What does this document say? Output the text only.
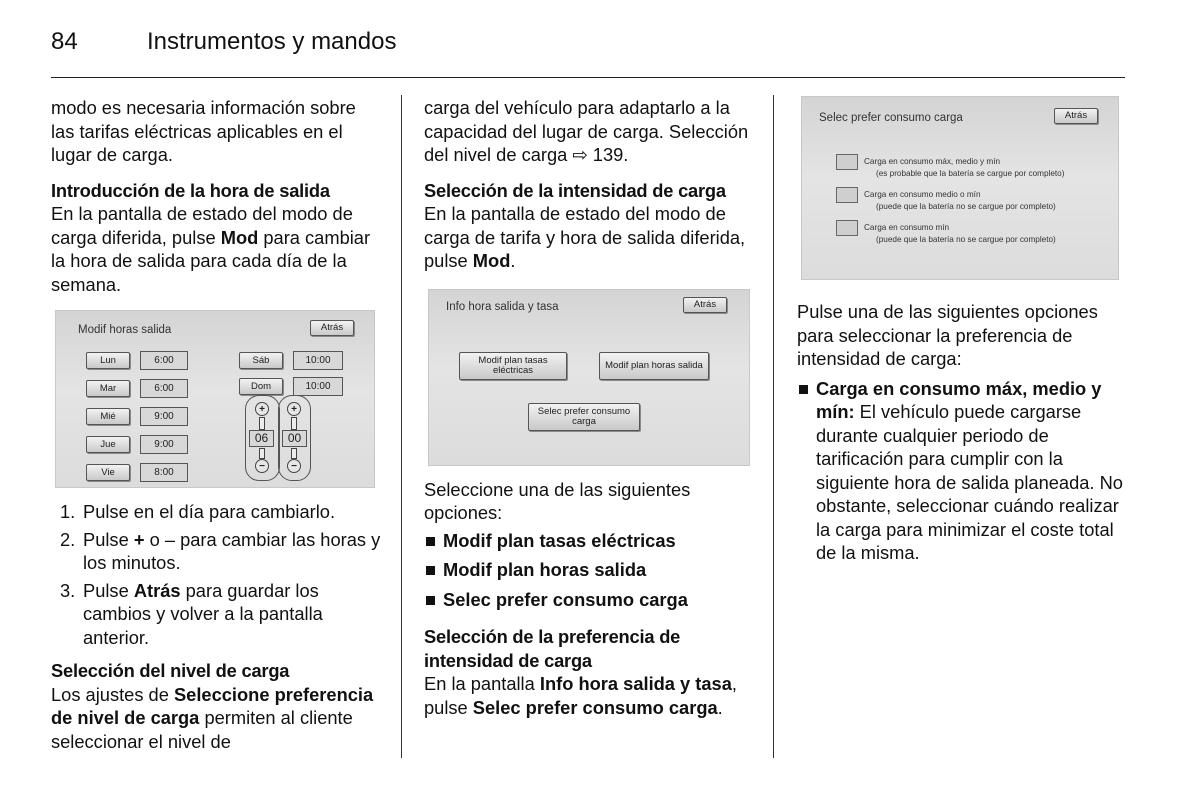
84	Instrumentos y mandos

modo es necesaria información sobre las tarifas eléctricas aplicables en el lugar de carga.

Introducción de la hora de salida

En la pantalla de estado del modo de carga diferida, pulse Mod para cambiar la hora de salida para cada día de la semana.

Modif horas salida	Atrás
Lun	6:00
Mar	6:00
Mié	9:00
Jue	9:00
Vie	8:00
Sáb	10:00
Dom	10:00
+
06
−
+
00
−
1. Pulse en el día para cambiarlo.
2. Pulse + o – para cambiar las horas y los minutos.
3. Pulse Atrás para guardar los cambios y volver a la pantalla anterior.

Selección del nivel de carga

Los ajustes de Seleccione preferencia de nivel de carga permiten al cliente seleccionar el nivel de

carga del vehículo para adaptarlo a la capacidad del lugar de carga. Selección del nivel de carga ⇨ 139.

Selección de la intensidad de carga

En la pantalla de estado del modo de carga de tarifa y hora de salida diferida, pulse Mod.

Info hora salida y tasa	Atrás
Modif plan tasas eléctricas	Modif plan horas salida
Selec prefer consumo carga

Seleccione una de las siguientes opciones:

Modif plan tasas eléctricas
Modif plan horas salida
Selec prefer consumo carga

Selección de la preferencia de intensidad de carga

En la pantalla Info hora salida y tasa, pulse Selec prefer consumo carga.

Selec prefer consumo carga	Atrás
Carga en consumo máx, medio y mín
(es probable que la batería se cargue por completo)
Carga en consumo medio o mín
(puede que la batería no se cargue por completo)
Carga en consumo mín
(puede que la batería no se cargue por completo)

Pulse una de las siguientes opciones para seleccionar la preferencia de intensidad de carga:

Carga en consumo máx, medio y mín: El vehículo puede cargarse durante cualquier periodo de tarificación para cumplir con la siguiente hora de salida planeada. No obstante, seleccionar cuándo realizar la carga para minimizar el coste total de la misma.
